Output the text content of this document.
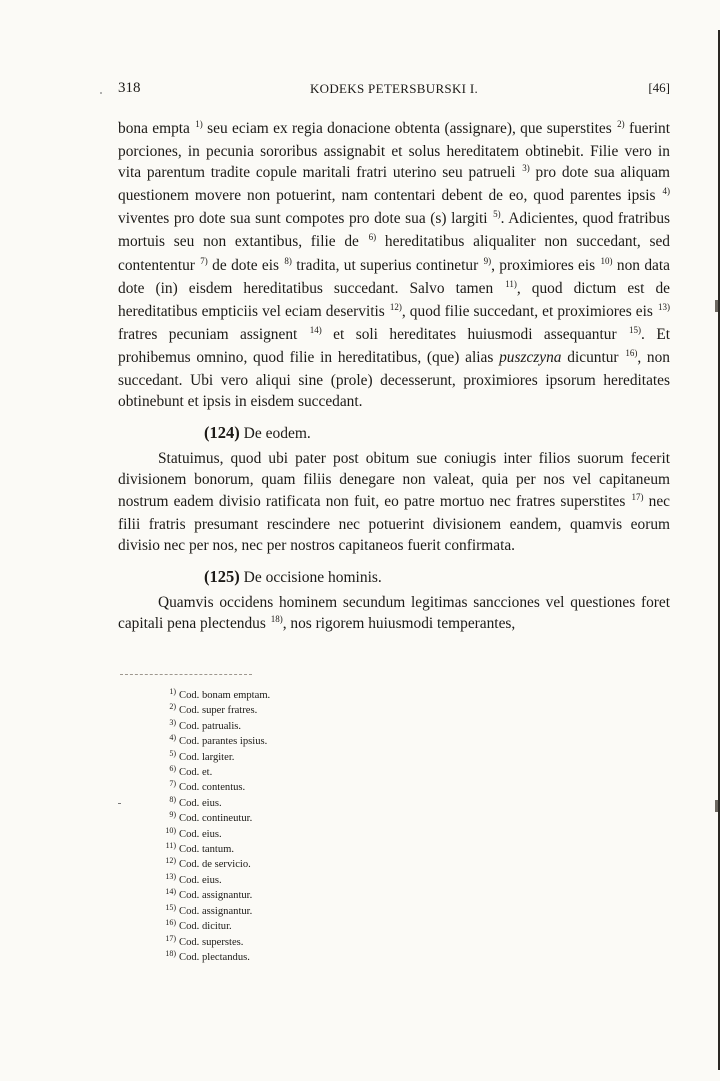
318	KODEKS PETERSBURSKI I.	[46]

bona empta $^{1)}$ seu eciam ex regia donacione obtenta (assignare), que superstites $^{2)}$ fuerint porciones, in pecunia sororibus assignabit et solus hereditatem obtinebit. Filie vero in vita parentum tradite copule maritali fratri uterino seu patrueli $^{3)}$ pro dote sua aliquam questionem movere non potuerint, nam contentari debent de eo, quod parentes ipsis $^{4)}$ viventes pro dote sua sunt compotes pro dote sua (s) largiti $^{5)}$. Adicientes, quod fratribus mortuis seu non extantibus, filie de $^{6)}$ hereditatibus aliqualiter non succedant, sed contententur $^{7)}$ de dote eis $^{8)}$ tradita, ut superius continetur $^{9)}$, proximiores eis $^{10)}$ non data dote (in) eisdem hereditatibus succedant. Salvo tamen $^{11)}$, quod dictum est de hereditatibus empticiis vel eciam deservitis $^{12)}$, quod filie succedant, et proximiores eis $^{13)}$ fratres pecuniam assignent $^{14)}$ et soli hereditates huiusmodi assequantur $^{15)}$. Et prohibemus omnino, quod filie in hereditatibus, (que) alias puszczyna dicuntur $^{16)}$, non succedant. Ubi vero aliqui sine (prole) decesserunt, proximiores ipsorum hereditates obtinebunt et ipsis in eisdem succedant.

(124) De eodem.

Statuimus, quod ubi pater post obitum sue coniugis inter filios suorum fecerit divisionem bonorum, quam filiis denegare non valeat, quia per nos vel capitaneum nostrum eadem divisio ratificata non fuit, eo patre mortuo nec fratres superstites $^{17)}$ nec filii fratris presumant rescindere nec potuerint divisionem eandem, quamvis eorum divisio nec per nos, nec per nostros capitaneos fuerit confirmata.

(125) De occisione hominis.

Quamvis occidens hominem secundum legitimas sancciones vel questiones foret capitali pena plectendus $^{18)}$, nos rigorem huiusmodi temperantes,

1) Cod. bonam emptam.
2) Cod. super fratres.
3) Cod. patrualis.
4) Cod. parantes ipsius.
5) Cod. largiter.
6) Cod. et.
7) Cod. contentus.
8) Cod. eius.
9) Cod. contineutur.
10) Cod. eius.
11) Cod. tantum.
12) Cod. de servicio.
13) Cod. eius.
14) Cod. assignantur.
15) Cod. assignantur.
16) Cod. dicitur.
17) Cod. superstes.
18) Cod. plectandus.
